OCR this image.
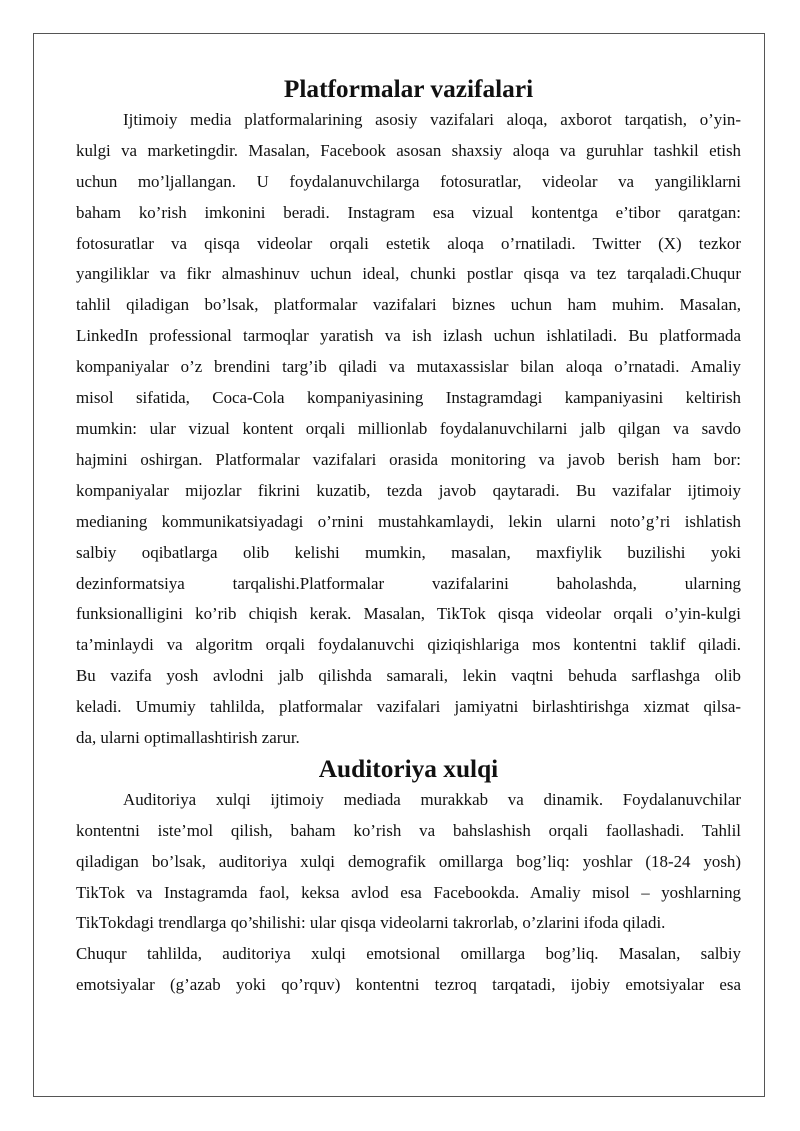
Platformalar vazifalari
Ijtimoiy media platformalarining asosiy vazifalari aloqa, axborot tarqatish, o’yin-
kulgi va marketingdir. Masalan, Facebook asosan shaxsiy aloqa va guruhlar tashkil etish
uchun mo’ljallangan. U foydalanuvchilarga fotosuratlar, videolar va yangiliklarni
baham ko’rish imkonini beradi. Instagram esa vizual kontentga e’tibor qaratgan:
fotosuratlar va qisqa videolar orqali estetik aloqa o’rnatiladi. Twitter (X) tezkor
yangiliklar va fikr almashinuv uchun ideal, chunki postlar qisqa va tez tarqaladi.Chuqur
tahlil qiladigan bo’lsak, platformalar vazifalari biznes uchun ham muhim. Masalan,
LinkedIn professional tarmoqlar yaratish va ish izlash uchun ishlatiladi. Bu platformada
kompaniyalar o’z brendini targ’ib qiladi va mutaxassislar bilan aloqa o’rnatadi. Amaliy
misol sifatida, Coca-Cola kompaniyasining Instagramdagi kampaniyasini keltirish
mumkin: ular vizual kontent orqali millionlab foydalanuvchilarni jalb qilgan va savdo
hajmini oshirgan. Platformalar vazifalari orasida monitoring va javob berish ham bor:
kompaniyalar mijozlar fikrini kuzatib, tezda javob qaytaradi. Bu vazifalar ijtimoiy
medianing kommunikatsiyadagi o’rnini mustahkamlaydi, lekin ularni noto’g’ri ishlatish
salbiy oqibatlarga olib kelishi mumkin, masalan, maxfiylik buzilishi yoki
dezinformatsiya tarqalishi.Platformalar vazifalarini baholashda, ularning
funksionalligini ko’rib chiqish kerak. Masalan, TikTok qisqa videolar orqali o’yin-kulgi
ta’minlaydi va algoritm orqali foydalanuvchi qiziqishlariga mos kontentni taklif qiladi.
Bu vazifa yosh avlodni jalb qilishda samarali, lekin vaqtni behuda sarflashga olib
keladi. Umumiy tahlilda, platformalar vazifalari jamiyatni birlashtirishga xizmat qilsa-
da, ularni optimallashtirish zarur.
Auditoriya xulqi
Auditoriya xulqi ijtimoiy mediada murakkab va dinamik. Foydalanuvchilar
kontentni iste’mol qilish, baham ko’rish va bahslashish orqali faollashadi. Tahlil
qiladigan bo’lsak, auditoriya xulqi demografik omillarga bog’liq: yoshlar (18-24 yosh)
TikTok va Instagramda faol, keksa avlod esa Facebookda. Amaliy misol – yoshlarning
TikTokdagi trendlarga qo’shilishi: ular qisqa videolarni takrorlab, o’zlarini ifoda qiladi.
Chuqur tahlilda, auditoriya xulqi emotsional omillarga bog’liq. Masalan, salbiy
emotsiyalar (g’azab yoki qo’rquv) kontentni tezroq tarqatadi, ijobiy emotsiyalar esa
